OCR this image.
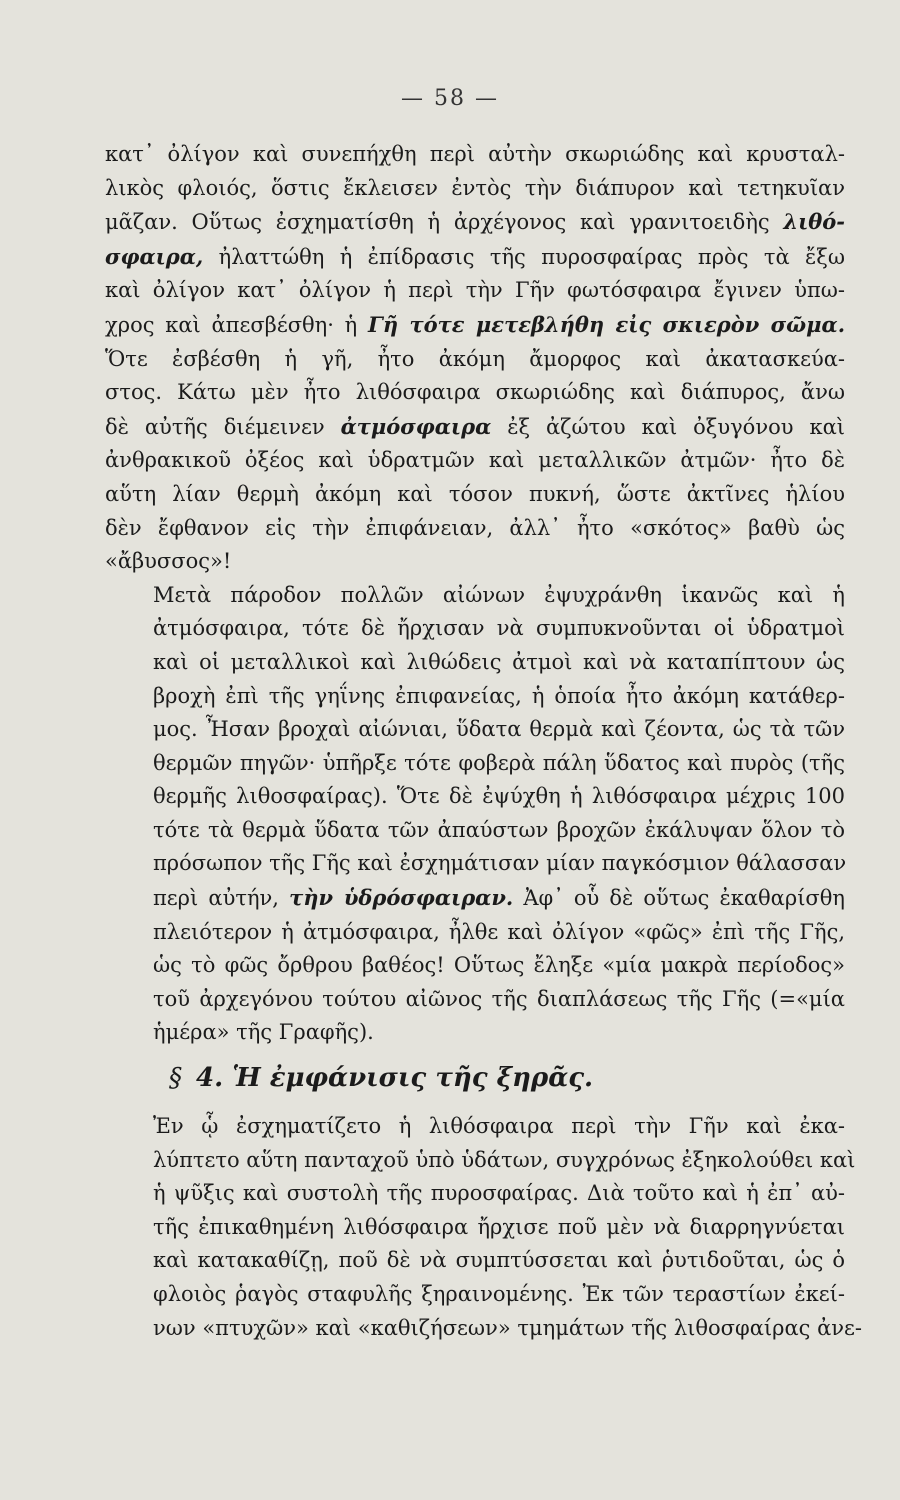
— 58 —

κατ᾽ ὀλίγον καὶ συνεπήχθη περὶ αὐτὴν σκωριώδης καὶ κρυσταλ-
λικὸς φλοιός, ὅστις ἔκλεισεν ἐντὸς τὴν διάπυρον καὶ τετηκυῖαν
μᾶζαν. Οὕτως ἐσχηματίσθη ἡ ἀρχέγονος καὶ γρανιτοειδὴς λιθό-
σφαιρα, ἠλαττώθη ἡ ἐπίδρασις τῆς πυροσφαίρας πρὸς τὰ ἔξω
καὶ ὀλίγον κατ᾽ ὀλίγον ἡ περὶ τὴν Γῆν φωτόσφαιρα ἔγινεν ὑπω-
χρος καὶ ἀπεσβέσθη· ἡ Γῆ τότε μετεβλήθη εἰς σκιερὸν σῶμα.
Ὅτε ἐσβέσθη ἡ γῆ, ἦτο ἀκόμη ἄμορφος καὶ ἀκατασκεύα-
στος. Κάτω μὲν ἦτο λιθόσφαιρα σκωριώδης καὶ διάπυρος, ἄνω
δὲ αὐτῆς διέμεινεν ἀτμόσφαιρα ἐξ ἀζώτου καὶ ὀξυγόνου καὶ
ἀνθρακικοῦ ὀξέος καὶ ὑδρατμῶν καὶ μεταλλικῶν ἀτμῶν· ἦτο δὲ
αὕτη λίαν θερμὴ ἀκόμη καὶ τόσον πυκνή, ὥστε ἀκτῖνες ἡλίου
δὲν ἔφθανον εἰς τὴν ἐπιφάνειαν, ἀλλ᾽ ἦτο «σκότος» βαθὺ ὡς
«ἄβυσσος»!

Μετὰ πάροδον πολλῶν αἰώνων ἐψυχράνθη ἱκανῶς καὶ ἡ
ἀτμόσφαιρα, τότε δὲ ἤρχισαν νὰ συμπυκνοῦνται οἱ ὑδρατμοὶ
καὶ οἱ μεταλλικοὶ καὶ λιθώδεις ἀτμοὶ καὶ νὰ καταπίπτουν ὡς
βροχὴ ἐπὶ τῆς γηΐνης ἐπιφανείας, ἡ ὁποία ἦτο ἀκόμη κατάθερ-
μος. Ἦσαν βροχαὶ αἰώνιαι, ὕδατα θερμὰ καὶ ζέοντα, ὡς τὰ τῶν
θερμῶν πηγῶν· ὑπῆρξε τότε φοβερὰ πάλη ὕδατος καὶ πυρὸς (τῆς
θερμῆς λιθοσφαίρας). Ὅτε δὲ ἐψύχθη ἡ λιθόσφαιρα μέχρις 100
τότε τὰ θερμὰ ὕδατα τῶν ἀπαύστων βροχῶν ἐκάλυψαν ὅλον τὸ
πρόσωπον τῆς Γῆς καὶ ἐσχημάτισαν μίαν παγκόσμιον θάλασσαν
περὶ αὐτήν, τὴν ὑδρόσφαιραν. Ἀφ᾽ οὗ δὲ οὕτως ἐκαθαρίσθη
πλειότερον ἡ ἀτμόσφαιρα, ἦλθε καὶ ὀλίγον «φῶς» ἐπὶ τῆς Γῆς,
ὡς τὸ φῶς ὄρθρου βαθέος! Οὕτως ἔληξε «μία μακρὰ περίοδος»
τοῦ ἀρχεγόνου τούτου αἰῶνος τῆς διαπλάσεως τῆς Γῆς (=«μία
ἡμέρα» τῆς Γραφῆς).

§ 4. Ἡ ἐμφάνισις τῆς ξηρᾶς.

Ἐν ᾧ ἐσχηματίζετο ἡ λιθόσφαιρα περὶ τὴν Γῆν καὶ ἐκα-
λύπτετο αὕτη πανταχοῦ ὑπὸ ὑδάτων, συγχρόνως ἐξηκολούθει καὶ
ἡ ψῦξις καὶ συστολὴ τῆς πυροσφαίρας. Διὰ τοῦτο καὶ ἡ ἐπ᾽ αὐ-
τῆς ἐπικαθημένη λιθόσφαιρα ἤρχισε ποῦ μὲν νὰ διαρρηγνύεται
καὶ κατακαθίζῃ, ποῦ δὲ νὰ συμπτύσσεται καὶ ῥυτιδοῦται, ὡς ὁ
φλοιὸς ῥαγὸς σταφυλῆς ξηραινομένης. Ἐκ τῶν τεραστίων ἐκεί-
νων «πτυχῶν» καὶ «καθιζήσεων» τμημάτων τῆς λιθοσφαίρας ἀνε-
